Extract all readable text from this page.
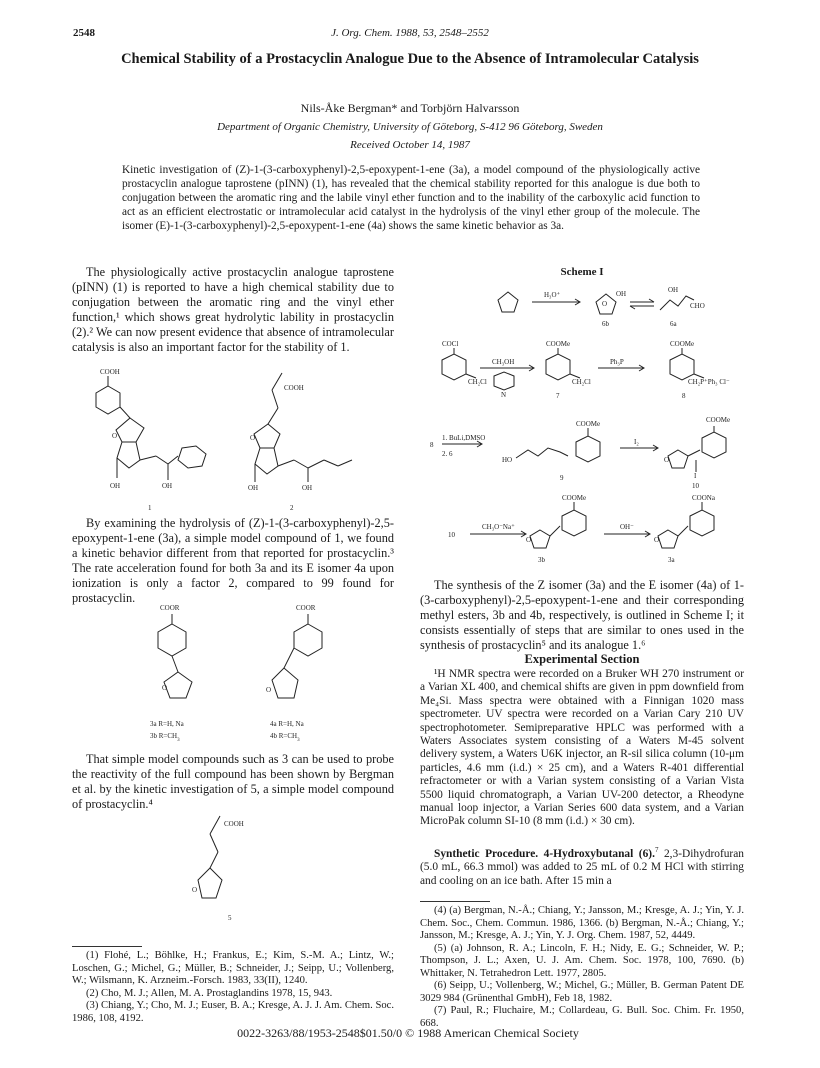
2548	J. Org. Chem. 1988, 53, 2548–2552
Chemical Stability of a Prostacyclin Analogue Due to the Absence of Intramolecular Catalysis
Nils-Åke Bergman* and Torbjörn Halvarsson
Department of Organic Chemistry, University of Göteborg, S-412 96 Göteborg, Sweden
Received October 14, 1987
Kinetic investigation of (Z)-1-(3-carboxyphenyl)-2,5-epoxypent-1-ene (3a), a model compound of the physiologically active prostacyclin analogue taprostene (pINN) (1), has revealed that the chemical stability reported for this analogue is due both to conjugation between the aromatic ring and the labile vinyl ether function and to the inability of the carboxylic acid function to act as an efficient electrostatic or intramolecular acid catalyst in the hydrolysis of the vinyl ether group of the molecule. The isomer (E)-1-(3-carboxyphenyl)-2,5-epoxypent-1-ene (4a) shows the same kinetic behavior as 3a.

The physiologically active prostacyclin analogue taprostene (pINN) (1) is reported to have a high chemical stability due to conjugation between the aromatic ring and the vinyl ether function,¹ which shows great hydrolytic lability in prostacyclin (2).² We can now present evidence that absence of intramolecular catalysis is also an important factor for the stability of 1.

COOH
O
OH	OH
1
COOH
O
OH	OH
2

By examining the hydrolysis of (Z)-1-(3-carboxyphenyl)-2,5-epoxypent-1-ene (3a), a simple model compound of 1, we found a kinetic behavior different from that reported for prostacyclin.³ The rate acceleration found for both 3a and its E isomer 4a upon ionization is only a factor 2, compared to 99 found for prostacyclin.

COOR
O
COOR
O
3a R=H, Na
3b $R=CH_3$
4a R=H, Na
4b $R=CH_3$

That simple model compounds such as 3 can be used to probe the reactivity of the full compound has been shown by Bergman et al. by the kinetic investigation of 5, a simple model compound of prostacyclin.⁴

COOH
O
5

(1) Flohé, L.; Böhlke, H.; Frankus, E.; Kim, S.-M. A.; Lintz, W.; Loschen, G.; Michel, G.; Müller, B.; Schneider, J.; Seipp, U.; Vollenberg, W.; Wilsmann, K. Arzneim.-Forsch. 1983, 33(II), 1240.

(2) Cho, M. J.; Allen, M. A. Prostaglandins 1978, 15, 943.

(3) Chiang, Y.; Cho, M. J.; Euser, B. A.; Kresge, A. J. J. Am. Chem. Soc. 1986, 108, 4192.

Scheme I
H₃O⁺
O
OH	OH
CHO
6b	6a
COCl
CH₂Cl
CH₃OH
N
COOMe
CH₂Cl
7
Ph₃P
COOMe
CH₂P⁺Ph₃ Cl⁻
8
8
1. BuLi,DMSO
2. 6
HO
COOMe
9
I₂
O
COOMe
I
10
10
CH₃O⁻Na⁺
O
COOMe
3b
OH⁻
O
COONa
3a

The synthesis of the Z isomer (3a) and the E isomer (4a) of 1-(3-carboxyphenyl)-2,5-epoxypent-1-ene and their corresponding methyl esters, 3b and 4b, respectively, is outlined in Scheme I; it consists essentially of steps that are similar to ones used in the synthesis of prostacyclin⁵ and its analogue 1.⁶

Experimental Section

¹H NMR spectra were recorded on a Bruker WH 270 instrument or a Varian XL 400, and chemical shifts are given in ppm downfield from Me₄Si. Mass spectra were obtained with a Finnigan 1020 mass spectrometer. UV spectra were recorded on a Varian Cary 210 UV spectrophotometer. Semipreparative HPLC was performed with a Waters Associates system consisting of a Waters M-45 solvent delivery system, a Waters U6K injector, an R-sil silica column (10-μm particles, 4.6 mm (i.d.) × 25 cm), and a Waters R-401 differential refractometer or with a Varian system consisting of a Varian Vista 5500 liquid chromatograph, a Varian UV-200 detector, a Rheodyne manual loop injector, a Varian Series 600 data system, and a Varian MicroPak column SI-10 (8 mm (i.d.) × 30 cm).

Synthetic Procedure. 4-Hydroxybutanal (6).$^7$ 2,3-Dihydrofuran (5.0 mL, 66.3 mmol) was added to 25 mL of 0.2 M HCl with stirring and cooling on an ice bath. After 15 min a

(4) (a) Bergman, N.-Å.; Chiang, Y.; Jansson, M.; Kresge, A. J.; Yin, Y. J. Chem. Soc., Chem. Commun. 1986, 1366. (b) Bergman, N.-Å.; Chiang, Y.; Jansson, M.; Kresge, A. J.; Yin, Y. J. Org. Chem. 1987, 52, 4449.

(5) (a) Johnson, R. A.; Lincoln, F. H.; Nidy, E. G.; Schneider, W. P.; Thompson, J. L.; Axen, U. J. Am. Chem. Soc. 1978, 100, 7690. (b) Whittaker, N. Tetrahedron Lett. 1977, 2805.

(6) Seipp, U.; Vollenberg, W.; Michel, G.; Müller, B. German Patent DE 3029 984 (Grünenthal GmbH), Feb 18, 1982.

(7) Paul, R.; Fluchaire, M.; Collardeau, G. Bull. Soc. Chim. Fr. 1950, 668.

0022-3263/88/1953-2548$01.50/0 © 1988 American Chemical Society
